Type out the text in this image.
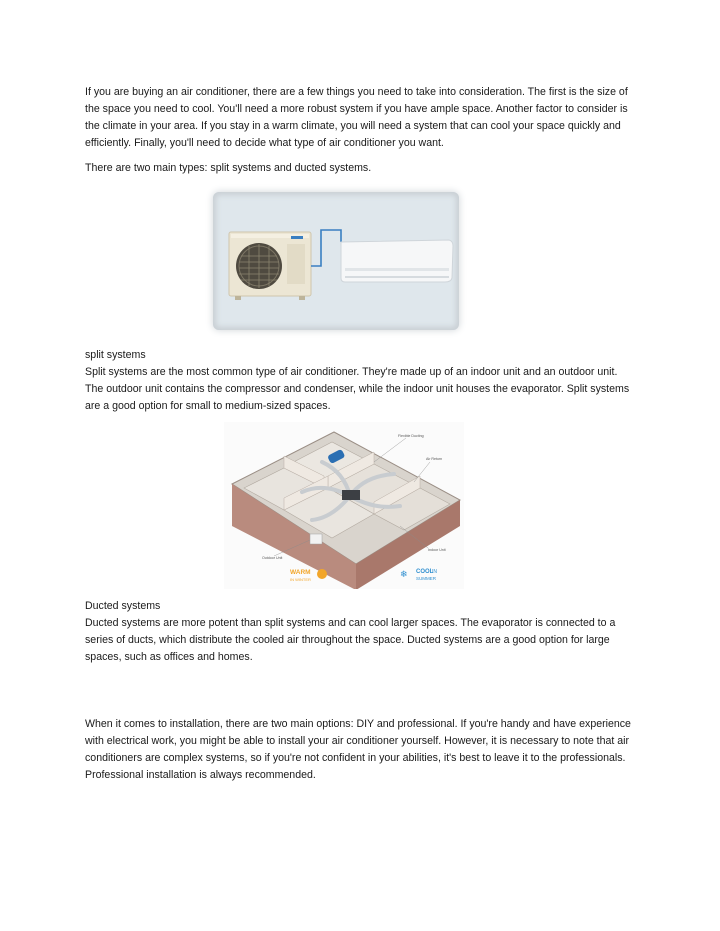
If you are buying an air conditioner, there are a few things you need to take into consideration. The first is the size of the space you need to cool. You'll need a more robust system if you have ample space. Another factor to consider is the climate in your area. If you stay in a warm climate, you will need a system that can cool your space quickly and efficiently. Finally, you'll need to decide what type of air conditioner you want.

There are two main types: split systems and ducted systems.

split systems

Split systems are the most common type of air conditioner. They're made up of an indoor unit and an outdoor unit. The outdoor unit contains the compressor and condenser, while the indoor unit houses the evaporator. Split systems are a good option for small to medium-sized spaces.

Flexible Ducting
Air Return
Indoor Unit
Outdoor Unit
WARM
IN WINTER	❄ COOL
IN
SUMMER

Ducted systems

Ducted systems are more potent than split systems and can cool larger spaces. The evaporator is connected to a series of ducts, which distribute the cooled air throughout the space. Ducted systems are a good option for large spaces, such as offices and homes.

When it comes to installation, there are two main options: DIY and professional. If you're handy and have experience with electrical work, you might be able to install your air conditioner yourself. However, it is necessary to note that air conditioners are complex systems, so if you're not confident in your abilities, it's best to leave it to the professionals. Professional installation is always recommended.
